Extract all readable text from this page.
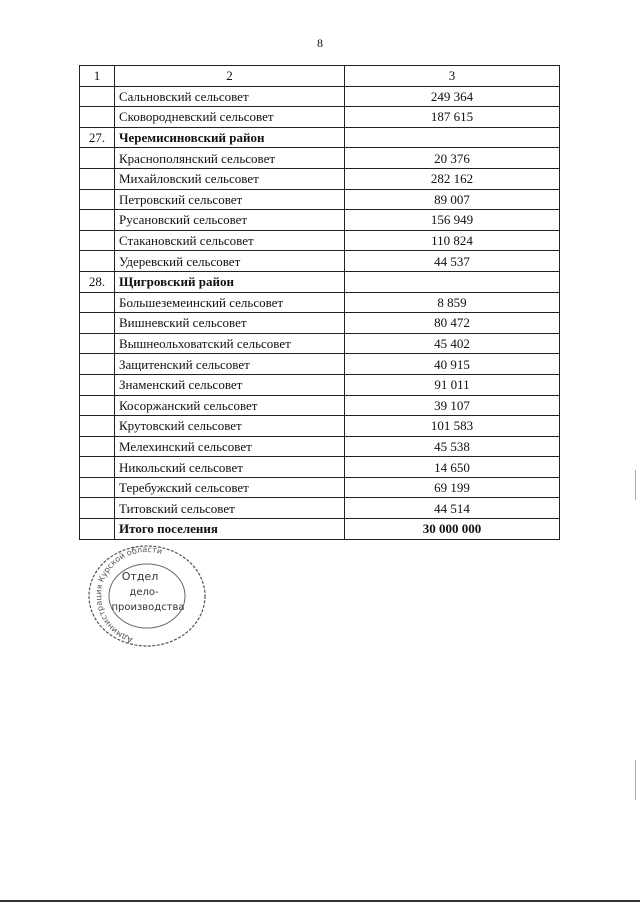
8
1	2	3
	Сальновский сельсовет	249 364
	Сковородневский сельсовет	187 615
27.	Черемисиновский район	
	Краснополянский сельсовет	20 376
	Михайловский сельсовет	282 162
	Петровский сельсовет	89 007
	Русановский сельсовет	156 949
	Стакановский сельсовет	110 824
	Удеревский сельсовет	44 537
28.	Щигровский район	
	Большеземеинский сельсовет	8 859
	Вишневский сельсовет	80 472
	Вышнеольховатский сельсовет	45 402
	Защитенский сельсовет	40 915
	Знаменский сельсовет	91 011
	Косоржанский сельсовет	39 107
	Крутовский сельсовет	101 583
	Мелехинский сельсовет	45 538
	Никольский сельсовет	14 650
	Теребужский сельсовет	69 199
	Титовский сельсовет	44 514
	Итого поселения	30 000 000
Администрация Курской области
Отдел
дело-
производства
